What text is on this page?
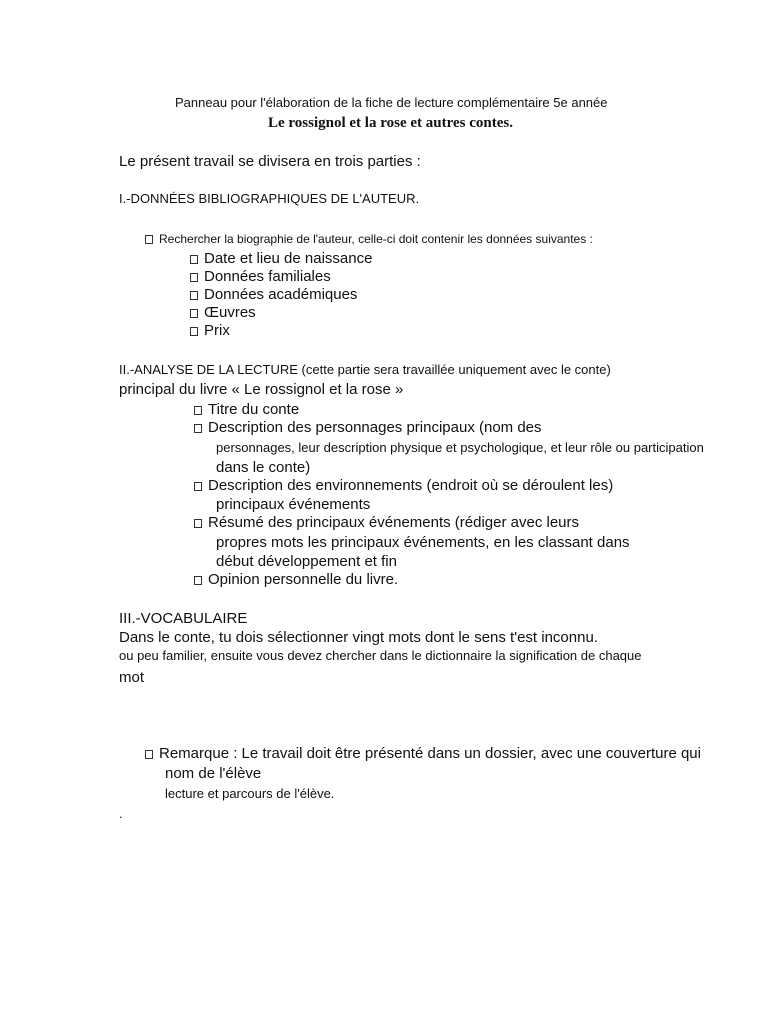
Panneau pour l'élaboration de la fiche de lecture complémentaire 5e année
Le rossignol et la rose et autres contes.
Le présent travail se divisera en trois parties :
I.-DONNÉES BIBLIOGRAPHIQUES DE L'AUTEUR.
Rechercher la biographie de l'auteur, celle-ci doit contenir les données suivantes :
Date et lieu de naissance
Données familiales
Données académiques
Œuvres
Prix
II.-ANALYSE DE LA LECTURE (cette partie sera travaillée uniquement avec le conte)
principal du livre « Le rossignol et la rose »
Titre du conte
Description des personnages principaux (nom des
personnages, leur description physique et psychologique, et leur rôle ou participation
dans le conte)
Description des environnements (endroit où se déroulent les)
principaux événements
Résumé des principaux événements (rédiger avec leurs
propres mots les principaux événements, en les classant dans
début développement et fin
Opinion personnelle du livre.
III.-VOCABULAIRE
Dans le conte, tu dois sélectionner vingt mots dont le sens t'est inconnu.
ou peu familier, ensuite vous devez chercher dans le dictionnaire la signification de chaque
mot
Remarque : Le travail doit être présenté dans un dossier, avec une couverture qui
nom de l'élève
lecture et parcours de l'élève.
.
